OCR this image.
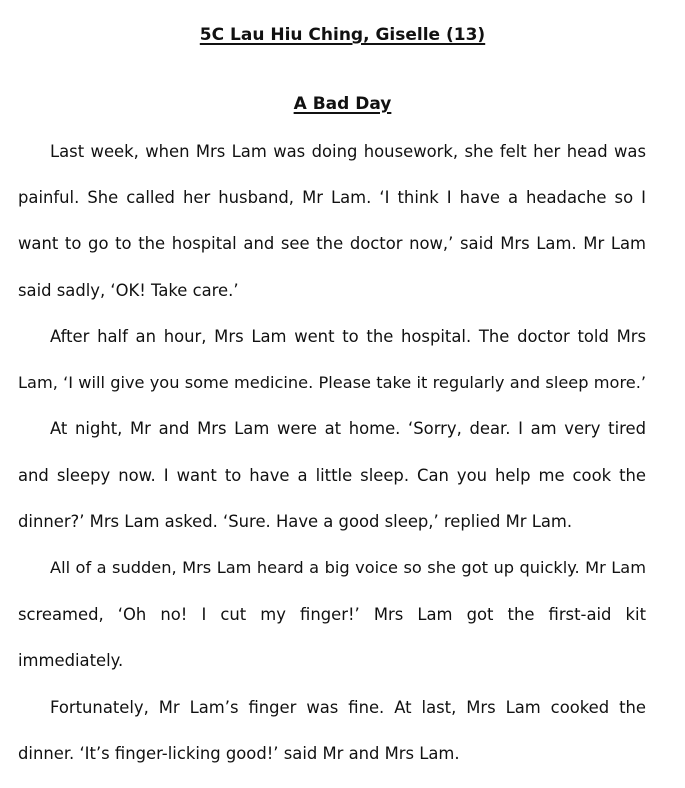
5C Lau Hiu Ching, Giselle (13)
A Bad Day
Last week, when Mrs Lam was doing housework, she felt her head was
painful. She called her husband, Mr Lam. ‘I think I have a headache so I
want to go to the hospital and see the doctor now,’ said Mrs Lam. Mr Lam
said sadly, ‘OK! Take care.’
After half an hour, Mrs Lam went to the hospital. The doctor told Mrs
Lam, ‘I will give you some medicine. Please take it regularly and sleep more.’
At night, Mr and Mrs Lam were at home. ‘Sorry, dear. I am very tired
and sleepy now. I want to have a little sleep. Can you help me cook the
dinner?’ Mrs Lam asked. ‘Sure. Have a good sleep,’ replied Mr Lam.
All of a sudden, Mrs Lam heard a big voice so she got up quickly. Mr Lam
screamed, ‘Oh no! I cut my finger!’ Mrs Lam got the first-aid kit
immediately.
Fortunately, Mr Lam’s finger was fine. At last, Mrs Lam cooked the
dinner. ‘It’s finger-licking good!’ said Mr and Mrs Lam.
